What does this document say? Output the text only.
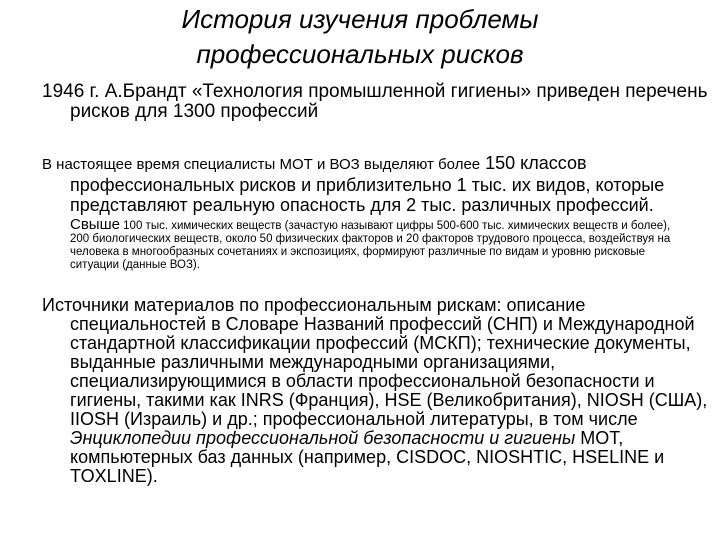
История изучения проблемы
профессиональных рисков
1946 г. А.Брандт «Технология промышленной гигиены» приведен перечень рисков для 1300 профессий
В настоящее время специалисты МОТ и ВОЗ выделяют более 150 классов профессиональных рисков и приблизительно 1 тыс. их видов, которые представляют реальную опасность для 2 тыс. различных профессий.
Свыше 100 тыс. химических веществ (зачастую называют цифры 500-600 тыс. химических веществ и более), 200 биологических веществ, около 50 физических факторов и 20 факторов трудового процесса, воздействуя на человека в многообразных сочетаниях и экспозициях, формируют различные по видам и уровню рисковые ситуации (данные ВОЗ).
Источники материалов по профессиональным рискам: описание специальностей в Словаре Названий профессий (СНП) и Международной стандартной классификации профессий (МСКП); технические документы, выданные различными международными организациями, специализирующимися в области профессиональной безопасности и гигиены, такими как INRS (Франция), HSE (Великобритания), NIOSH (США), IIOSH (Израиль) и др.; профессиональной литературы, в том числе Энциклопедии профессиональной безопасности и гигиены МОТ, компьютерных баз данных (например, CISDOC, NIOSHTIC, HSELINE и TOXLINE).
